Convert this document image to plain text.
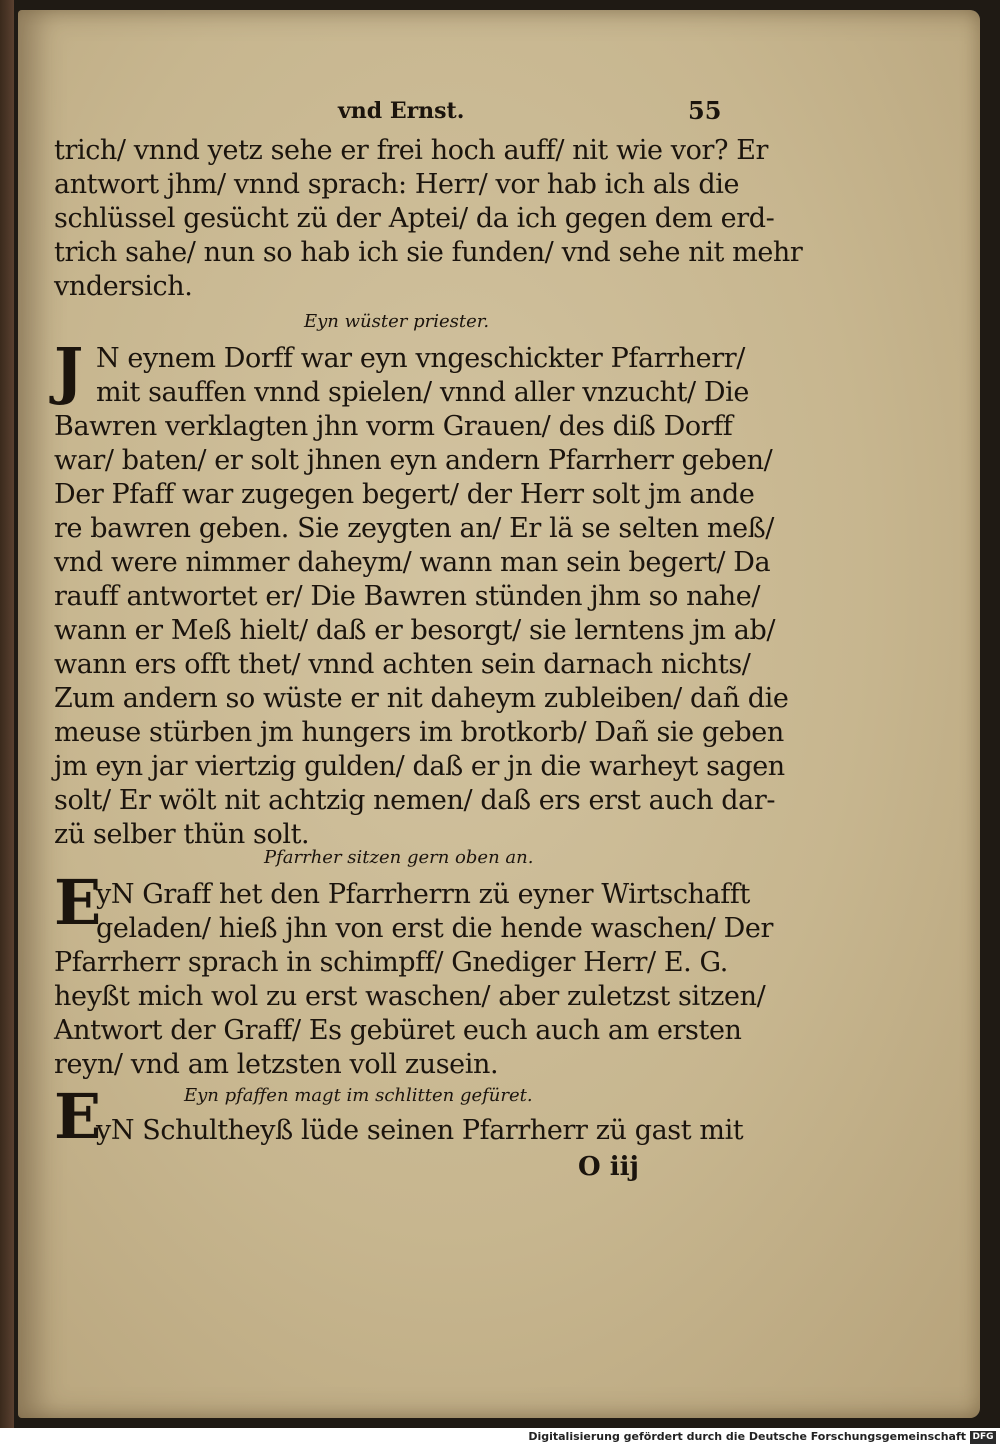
vnd Ernst.	55
trich/ vnnd yetz sehe er frei hoch auff/ nit wie vor? Er
antwort jhm/ vnnd sprach: Herr/ vor hab ich als die
schlüssel gesücht zü der Aptei/ da ich gegen dem erd-
trich sahe/ nun so hab ich sie funden/ vnd sehe nit mehr
vndersich.
Eyn wüster priester.
J N eynem Dorff war eyn vngeschickter Pfarrherr/
mit sauffen vnnd spielen/ vnnd aller vnzucht/ Die
Bawren verklagten jhn vorm Grauen/ des diß Dorff
war/ baten/ er solt jhnen eyn andern Pfarrherr geben/
Der Pfaff war zugegen begert/ der Herr solt jm ande
re bawren geben. Sie zeygten an/ Er lä se selten meß/
vnd were nimmer daheym/ wann man sein begert/ Da
rauff antwortet er/ Die Bawren stünden jhm so nahe/
wann er Meß hielt/ daß er besorgt/ sie lerntens jm ab/
wann ers offt thet/ vnnd achten sein darnach nichts/
Zum andern so wüste er nit daheym zubleiben/ dañ die
meuse stürben jm hungers im brotkorb/ Dañ sie geben
jm eyn jar viertzig gulden/ daß er jn die warheyt sagen
solt/ Er wölt nit achtzig nemen/ daß ers erst auch dar-
zü selber thün solt.
Pfarrher sitzen gern oben an.
E
yN Graff het den Pfarrherrn zü eyner Wirtschafft
geladen/ hieß jhn von erst die hende waschen/ Der
Pfarrherr sprach in schimpff/ Gnediger Herr/ E. G.
heyßt mich wol zu erst waschen/ aber zuletzst sitzen/
Antwort der Graff/ Es gebüret euch auch am ersten
reyn/ vnd am letzsten voll zusein.
E	Eyn pfaffen magt im schlitten gefüret.
yN Schultheyß lüde seinen Pfarrherr zü gast mit
O iij
Digitalisierung gefördert durch die Deutsche Forschungsgemeinschaft DFG
